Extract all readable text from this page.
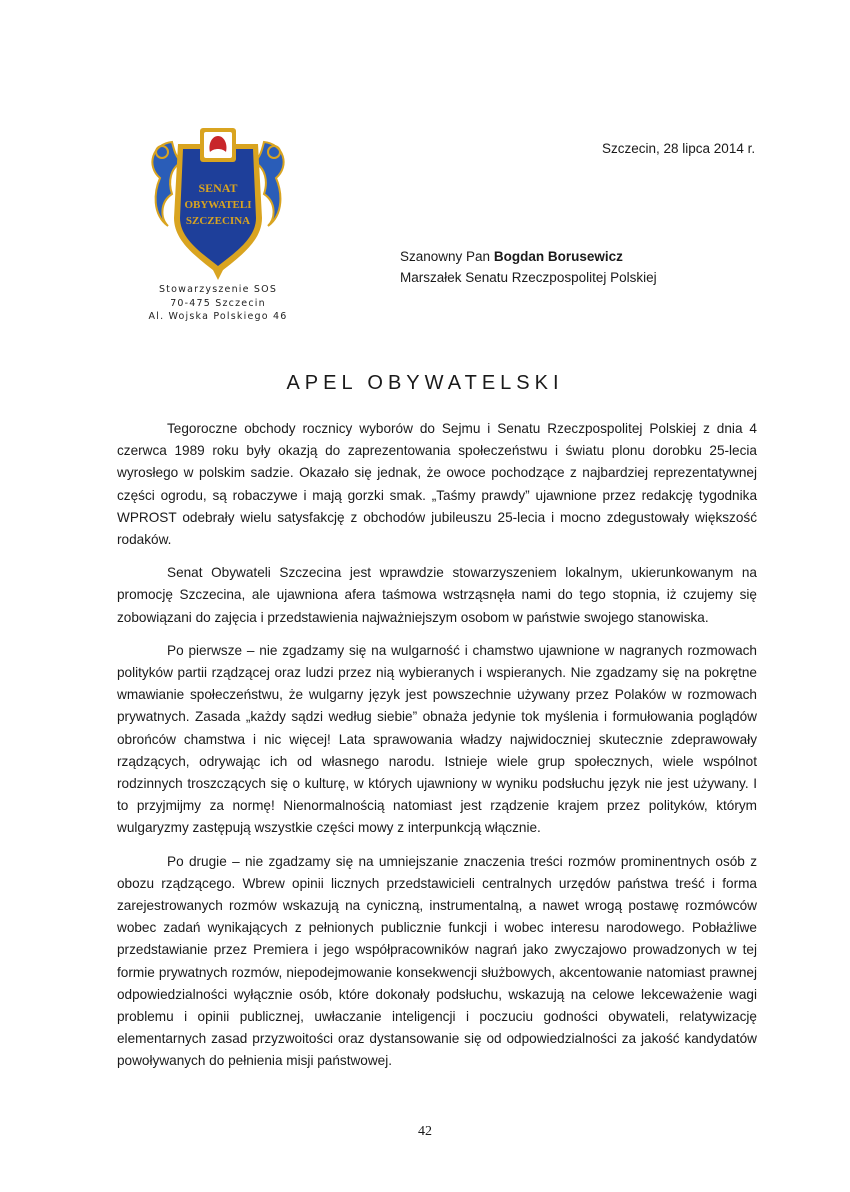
SENAT
OBYWATELI
SZCZECINA
Stowarzyszenie SOS
70-475 Szczecin
Al. Wojska Polskiego 46
Szczecin, 28 lipca 2014 r.
Szanowny Pan Bogdan Borusewicz
Marszałek Senatu Rzeczpospolitej Polskiej
APEL OBYWATELSKI

Tegoroczne obchody rocznicy wyborów do Sejmu i Senatu Rzeczpospolitej Polskiej z dnia 4 czerwca 1989 roku były okazją do zaprezentowania społeczeństwu i światu plonu dorobku 25-lecia wyrosłego w polskim sadzie. Okazało się jednak, że owoce pochodzące z najbardziej reprezentatywnej części ogrodu, są robaczywe i mają gorzki smak. „Taśmy prawdy” ujawnione przez redakcję tygodnika WPROST odebrały wielu satysfakcję z obchodów jubileuszu 25-lecia i mocno zdegustowały większość rodaków.

Senat Obywateli Szczecina jest wprawdzie stowarzyszeniem lokalnym, ukierunkowanym na promocję Szczecina, ale ujawniona afera taśmowa wstrząsnęła nami do tego stopnia, iż czujemy się zobowiązani do zajęcia i przedstawienia najważniejszym osobom w państwie swojego stanowiska.

Po pierwsze – nie zgadzamy się na wulgarność i chamstwo ujawnione w nagranych rozmowach polityków partii rządzącej oraz ludzi przez nią wybieranych i wspieranych. Nie zgadzamy się na pokrętne wmawianie społeczeństwu, że wulgarny język jest powszechnie używany przez Polaków w rozmowach prywatnych. Zasada „każdy sądzi według siebie” obnaża jedynie tok myślenia i formułowania poglądów obrońców chamstwa i nic więcej! Lata sprawowania władzy najwidoczniej skutecznie zdeprawowały rządzących, odrywając ich od własnego narodu. Istnieje wiele grup społecznych, wiele wspólnot rodzinnych troszczących się o kulturę, w których ujawniony w wyniku podsłuchu język nie jest używany. I to przyjmijmy za normę! Nienormalnością natomiast jest rządzenie krajem przez polityków, którym wulgaryzmy zastępują wszystkie części mowy z interpunkcją włącznie.

Po drugie – nie zgadzamy się na umniejszanie znaczenia treści rozmów prominentnych osób z obozu rządzącego. Wbrew opinii licznych przedstawicieli centralnych urzędów państwa treść i forma zarejestrowanych rozmów wskazują na cyniczną, instrumentalną, a nawet wrogą postawę rozmówców wobec zadań wynikających z pełnionych publicznie funkcji i wobec interesu narodowego. Pobłażliwe przedstawianie przez Premiera i jego współpracowników nagrań jako zwyczajowo prowadzonych w tej formie prywatnych rozmów, niepodejmowanie konsekwencji służbowych, akcentowanie natomiast prawnej odpowiedzialności wyłącznie osób, które dokonały podsłuchu, wskazują na celowe lekceważenie wagi problemu i opinii publicznej, uwłaczanie inteligencji i poczuciu godności obywateli, relatywizację elementarnych zasad przyzwoitości oraz dystansowanie się od odpowiedzialności za jakość kandydatów powoływanych do pełnienia misji państwowej.

42
